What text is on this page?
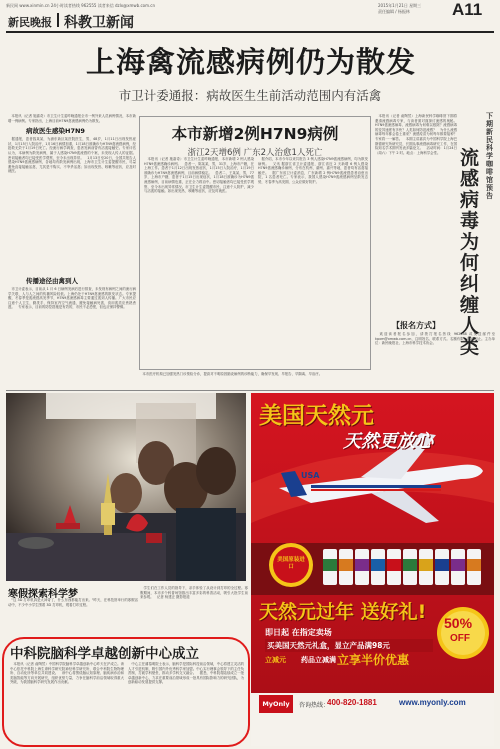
新民网 www.xinmin.cn 24小时读者热线 962555 读者来信 dzlx@xmwb.com.cn	2015年1月21日 星期三
责任编辑 / 杨振林 A11
新民晚报 科教卫新闻
上海禽流感病例仍为散发
市卫计委通报：病故医生生前活动范围内有活禽
　本报讯（记者 施嘉奇）市卫生计生委昨晚通报全市一例外来人员病例情况，本市新增一例病例。专家指出，上海目前H7N9禽流感病例仍为散发。
病故医生感染H7N9
　据通报，患者钱某某，为浦东新区某医院医生，男，48岁，1月11日出现发热症状，1月15日入院治疗，1月16日病情加重，1月18日被确诊为H7N9禽流感病例，经抢救无效于1月19日死亡。经流行病学调查，患者发病前曾有活禽接触史。专家评估认为，本病例为散发病例，属于人感染H7N9禽流感的个案，未发现人传人的证据。密切接触者均已接受医学观察，至今未出现异常。　1月13日至20日，全国共报告人感染H7N9禽流感病例，各地均有散发病例出现，上海市卫生计生委提醒市民，尽量避免直接接触活禽，尤其是不购买、不宰杀活禽；如出现发热、咳嗽等症状，应及时就医。
传播途径由禽到人
　市卫计委表示，目前从 1 月 6 日病例发病后进行排查，未发现有病例之间的流行病学关联，人与人之间的传播风险较低。上海仍处于H7N9禽流感的散发状态。专家提醒，冬春季是禽流感高发季节，H7N9禽流感病毒主要通过禽到人传播。广大市民应注意个人卫生，勤洗手，保持室内空气流通，避免接触病死禽，食用禽类应煮熟煮透。　专家表示，目前的防控措施是有效的，市民不必恐慌，但也应保持警惕。
本市新增2例H7N9病例
浙江2天增6例 广东2人治愈1人死亡
　本报讯（记者 施嘉奇）市卫生计生委昨晚通报，本市新增 2 例人感染H7N9禽流感确诊病例。　患者一，陈某某，男，31岁，上海市户籍，在上海工作。患者于1月12日出现发热症状，1月15日入院治疗，1月19日被确诊为H7N9禽流感病例，目前病情稳定。　患者二，王某某，男，77岁，上海市户籍，患者于1月15日出现症状，1月18日被确诊为H7N9禽流感病例，目前病情危重，正在全力救治中。密切接触者均已接受医学观察，至今未出现异常情况。市卫生计生委提醒市民，注意个人防护，减少与活禽的接触。如出现发热、咳嗽等症状，应及时就医。
　据介绍，本市今年以来共报告 3 例人感染H7N9禽流感病例，均为散发病例。　又讯 据浙江省卫计委通报，浙江省近 2 天新增 6 例人感染H7N9禽流感确诊病例，分布在杭州、湖州、嘉兴等地，患者均有活禽接触史。　据广东省卫计委消息，广东新增 2 例H7N9禽流感患者治愈出院，1 名患者死亡。专家表示，我国人感染H7N9禽流感病例呈散发态势，冬春季为高发期，公众应做好防护。
　本报讯（记者 俞陶然）上海新民科学咖啡馆下期将邀请流感病毒专家，与读者面对面探讨流感的奥秘。H7N9禽流感病毒、流感病毒为何难以根除？流感病毒的变异速度有多快？人类如何防范流感？　为什么流感病毒每年都会卷土重来？流感疫苗为何每年都要接种？专家将一一解答。　本期主讲嘉宾为中国科学院上海巴斯德研究所研究员，长期从事流感病毒研究工作，在国际知名学术期刊发表多篇论文。　活动时间：1月24日（周六）下午 2 时。地点：上海科学会堂。
下期新民科学咖啡馆预告
流感病毒为何纠缠人类
【报名方式】
　欢迎读者报名参加，请拨打报名热线 962288 或发送邮件至 kpxm@xmwb.com.cn，注明姓名、联系方式。名额有限，报满即止。主办单位：新民晚报社、上海市科学技术协会。
　本市医疗机构已加强发热门诊预检分诊，提高对不明原因肺炎病例的诊断能力，确保早发现、早报告、早隔离、早治疗。
寒假探索科学梦
　"这 3D 打印机真是太神奇了，什么东西都能打出来。"昨天，在科技馆举行的寒假活动中，不少中小学生围着 3D 打印机，观看打印过程。
　学生们在工作人员的指导下，亲手体验了从设计到打印的全过程。寒假期间，本市多个科普场馆推出丰富多彩的科普活动，吸引大批学生前来参观。　记者 杨建正 摄影报道
美国天然元
天然更放心
USA
美国原装进口
天然元过年 送好礼!
即日起 在指定卖场
买美国天然元礼盒，显立产品满98元
立减元 药品立减满 立享半价优惠
50%
OFF
MyOnly	咨询热线：
400-820-1881	www.myonly.com
中科院脑科学卓越创新中心成立
　本报讯（记者 俞陶然）中国科学院脑科学卓越创新中心昨天在沪成立。该中心依托中科院上海生命科学研究院神经科学研究所，联合中科院生物物理所、自动化所等单位共同建设。　该中心将围绕脑认知原理、脑疾病诊治和类脑智能等方向开展研究，组织优势力量，力争在脑科学前沿领域取得重大突破，为我国脑科学研究发展作出贡献。
　中心主任蒲慕明院士表示，脑科学是国际科技前沿领域，中心将建立灵活的人才引进机制，吸引国内外优秀科学家加盟。中心实行理事会领导下的主任负责制，打破学科壁垒，推动多学科交叉融合。　据悉，中科院将陆续成立一批卓越创新中心，力求在重要前沿领域形成一批具有国际影响力的研究团队，为创新驱动发展提供支撑。
